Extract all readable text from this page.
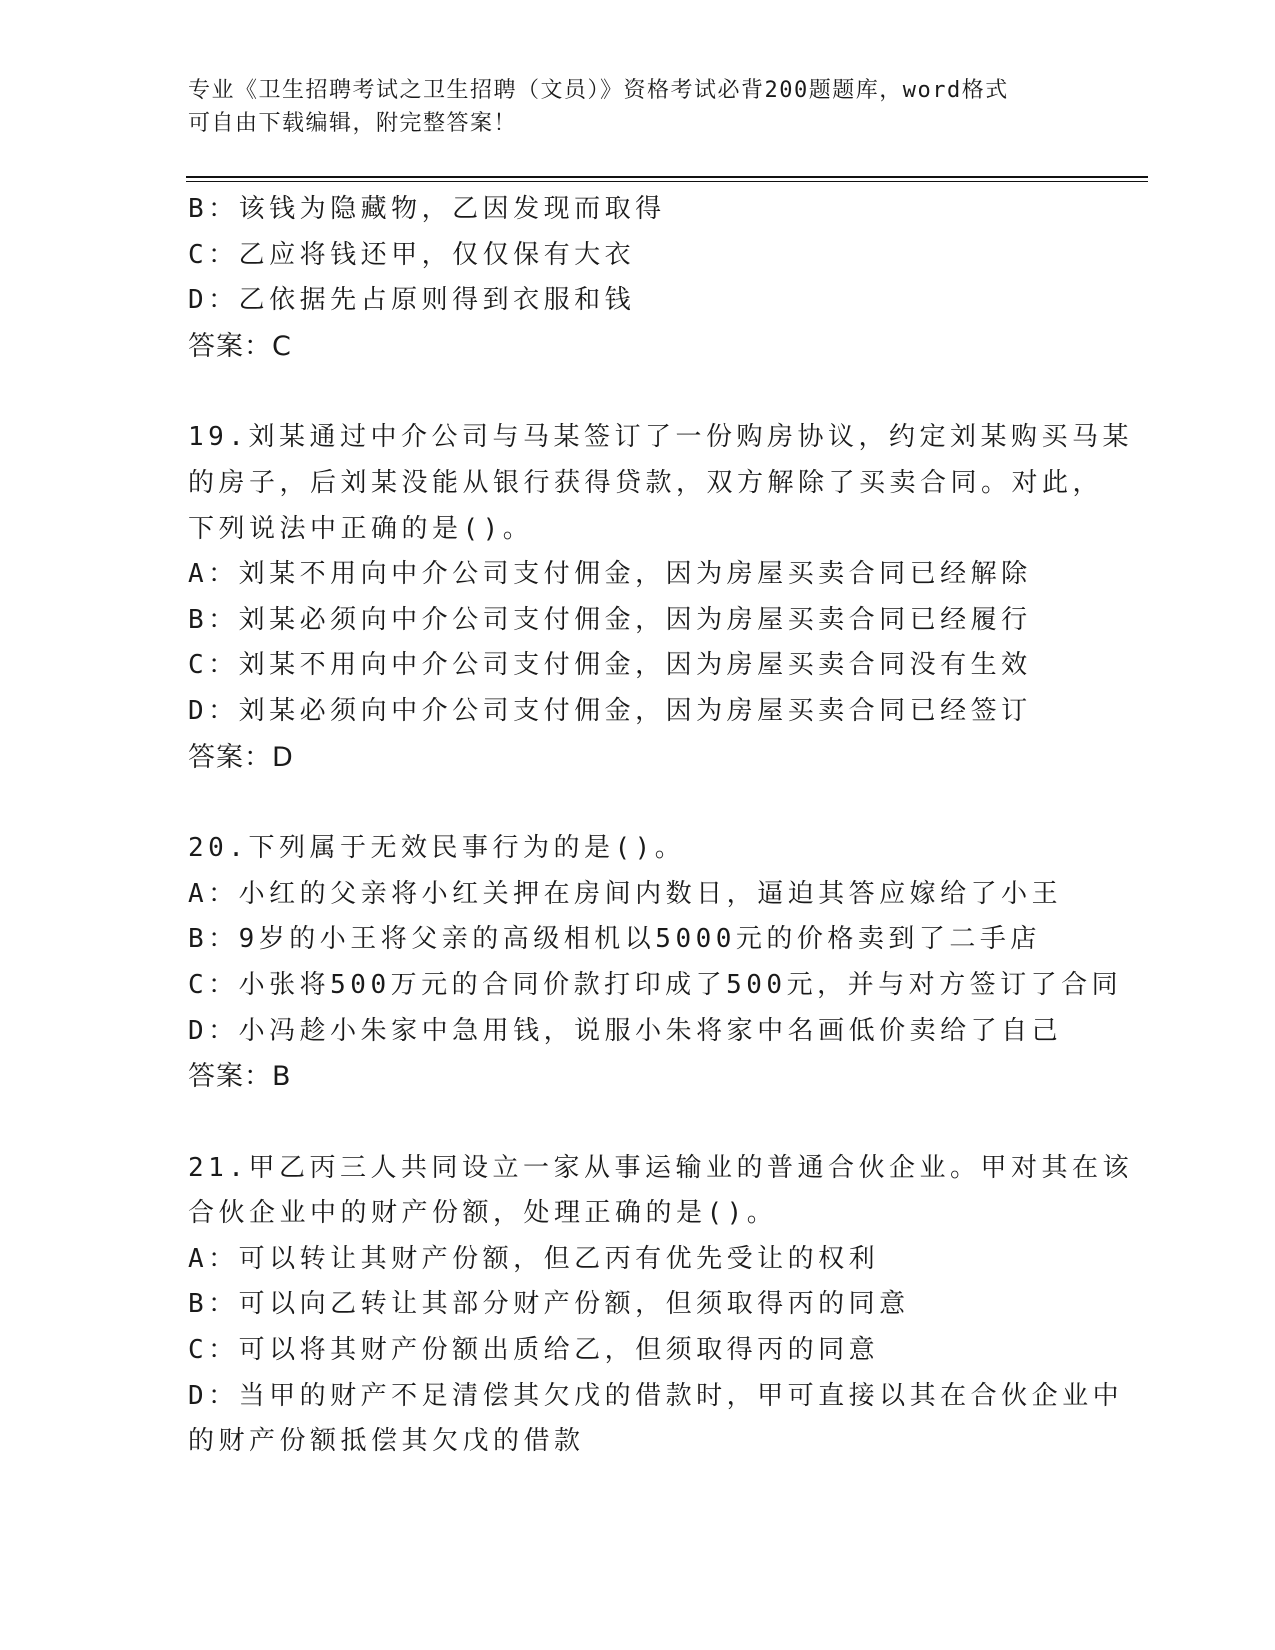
专业《卫生招聘考试之卫生招聘（文员）》资格考试必背200题题库，word格式
可自由下载编辑，附完整答案！
B：该钱为隐藏物，乙因发现而取得
C：乙应将钱还甲，仅仅保有大衣
D：乙依据先占原则得到衣服和钱
答案：C
19.刘某通过中介公司与马某签订了一份购房协议，约定刘某购买马某
的房子，后刘某没能从银行获得贷款，双方解除了买卖合同。对此，
下列说法中正确的是()。
A：刘某不用向中介公司支付佣金，因为房屋买卖合同已经解除
B：刘某必须向中介公司支付佣金，因为房屋买卖合同已经履行
C：刘某不用向中介公司支付佣金，因为房屋买卖合同没有生效
D：刘某必须向中介公司支付佣金，因为房屋买卖合同已经签订
答案：D
20.下列属于无效民事行为的是()。
A：小红的父亲将小红关押在房间内数日，逼迫其答应嫁给了小王
B：9岁的小王将父亲的高级相机以5000元的价格卖到了二手店
C：小张将500万元的合同价款打印成了500元，并与对方签订了合同
D：小冯趁小朱家中急用钱，说服小朱将家中名画低价卖给了自己
答案：B
21.甲乙丙三人共同设立一家从事运输业的普通合伙企业。甲对其在该
合伙企业中的财产份额，处理正确的是()。
A：可以转让其财产份额，但乙丙有优先受让的权利
B：可以向乙转让其部分财产份额，但须取得丙的同意
C：可以将其财产份额出质给乙，但须取得丙的同意
D：当甲的财产不足清偿其欠戊的借款时，甲可直接以其在合伙企业中
的财产份额抵偿其欠戊的借款
